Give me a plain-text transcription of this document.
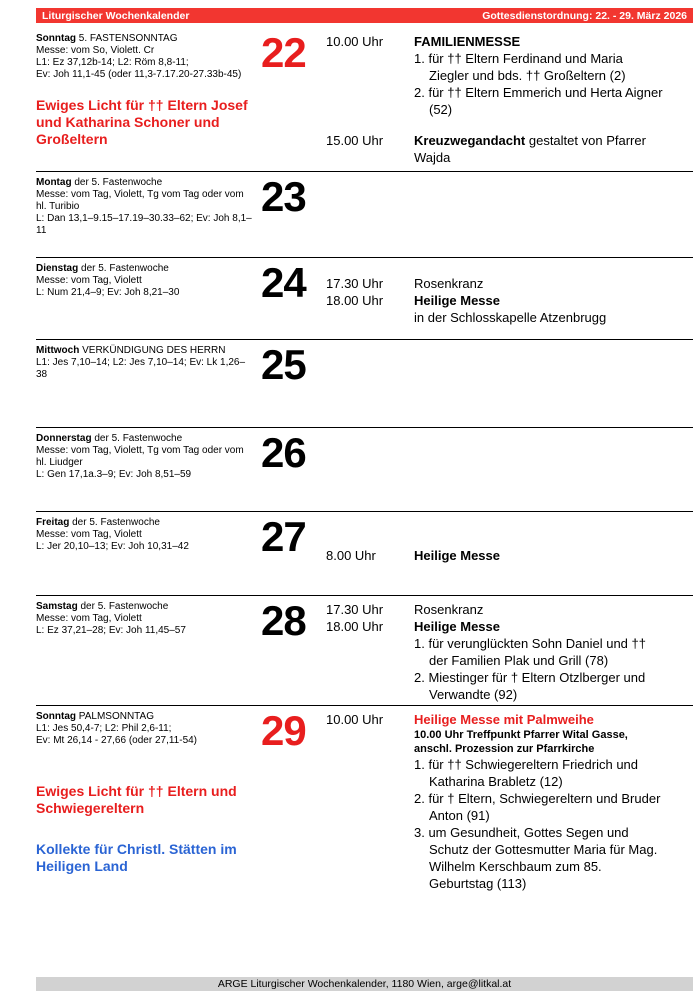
Liturgischer Wochenkalender	Gottesdienstordnung: 22. - 29. März 2026
Sonntag 5. FASTENSONNTAG
Messe: vom So, Violett. Cr
L1: Ez 37,12b-14; L2: Röm 8,8-11;
Ev: Joh 11,1-45 (oder 11,3-7.17.20-27.33b-45)
Ewiges Licht für †† Eltern Josef und Katharina Schoner und Großeltern
22	10.00 Uhr	FAMILIENMESSE
1. für †† Eltern Ferdinand und Maria Ziegler und bds. †† Großeltern (2)
2. für †† Eltern Emmerich und Herta Aigner (52)
15.00 Uhr	Kreuzwegandacht gestaltet von Pfarrer Wajda
Montag der 5. Fastenwoche
Messe: vom Tag, Violett, Tg vom Tag oder vom hl. Turibio
L: Dan 13,1–9.15–17.19–30.33–62; Ev: Joh 8,1–11
23
Dienstag der 5. Fastenwoche
Messe: vom Tag, Violett
L: Num 21,4–9; Ev: Joh 8,21–30	24	17.30 Uhr	Rosenkranz
18.00 Uhr	Heilige Messe
in der Schlosskapelle Atzenbrugg
Mittwoch VERKÜNDIGUNG DES HERRN
L1: Jes 7,10–14; L2: Jes 7,10–14; Ev: Lk 1,26–38	25
Donnerstag der 5. Fastenwoche
Messe: vom Tag, Violett, Tg vom Tag oder vom hl. Liudger
L: Gen 17,1a.3–9; Ev: Joh 8,51–59	26
Freitag der 5. Fastenwoche
Messe: vom Tag, Violett
L: Jer 20,10–13; Ev: Joh 10,31–42	27	8.00 Uhr	Heilige Messe
Samstag der 5. Fastenwoche
Messe: vom Tag, Violett
L: Ez 37,21–28; Ev: Joh 11,45–57	28	17.30 Uhr	Rosenkranz
18.00 Uhr	Heilige Messe
1. für verunglückten Sohn Daniel und †† der Familien Plak und Grill (78)
2. Miestinger für † Eltern Otzlberger und Verwandte (92)
Sonntag PALMSONNTAG
L1: Jes 50,4-7; L2: Phil 2,6-11;
Ev: Mt 26,14 - 27,66 (oder 27,11-54)
Ewiges Licht für †† Eltern und Schwiegereltern
Kollekte für Christl. Stätten im Heiligen Land
29	10.00 Uhr	Heilige Messe mit Palmweihe
10.00 Uhr Treffpunkt Pfarrer Wital Gasse, anschl. Prozession zur Pfarrkirche
1. für †† Schwiegereltern Friedrich und Katharina Brabletz (12)
2. für † Eltern, Schwiegereltern und Bruder Anton (91)
3. um Gesundheit, Gottes Segen und Schutz der Gottesmutter Maria für Mag. Wilhelm Kerschbaum zum 85. Geburtstag (113)
ARGE Liturgischer Wochenkalender, 1180 Wien, arge@litkal.at
